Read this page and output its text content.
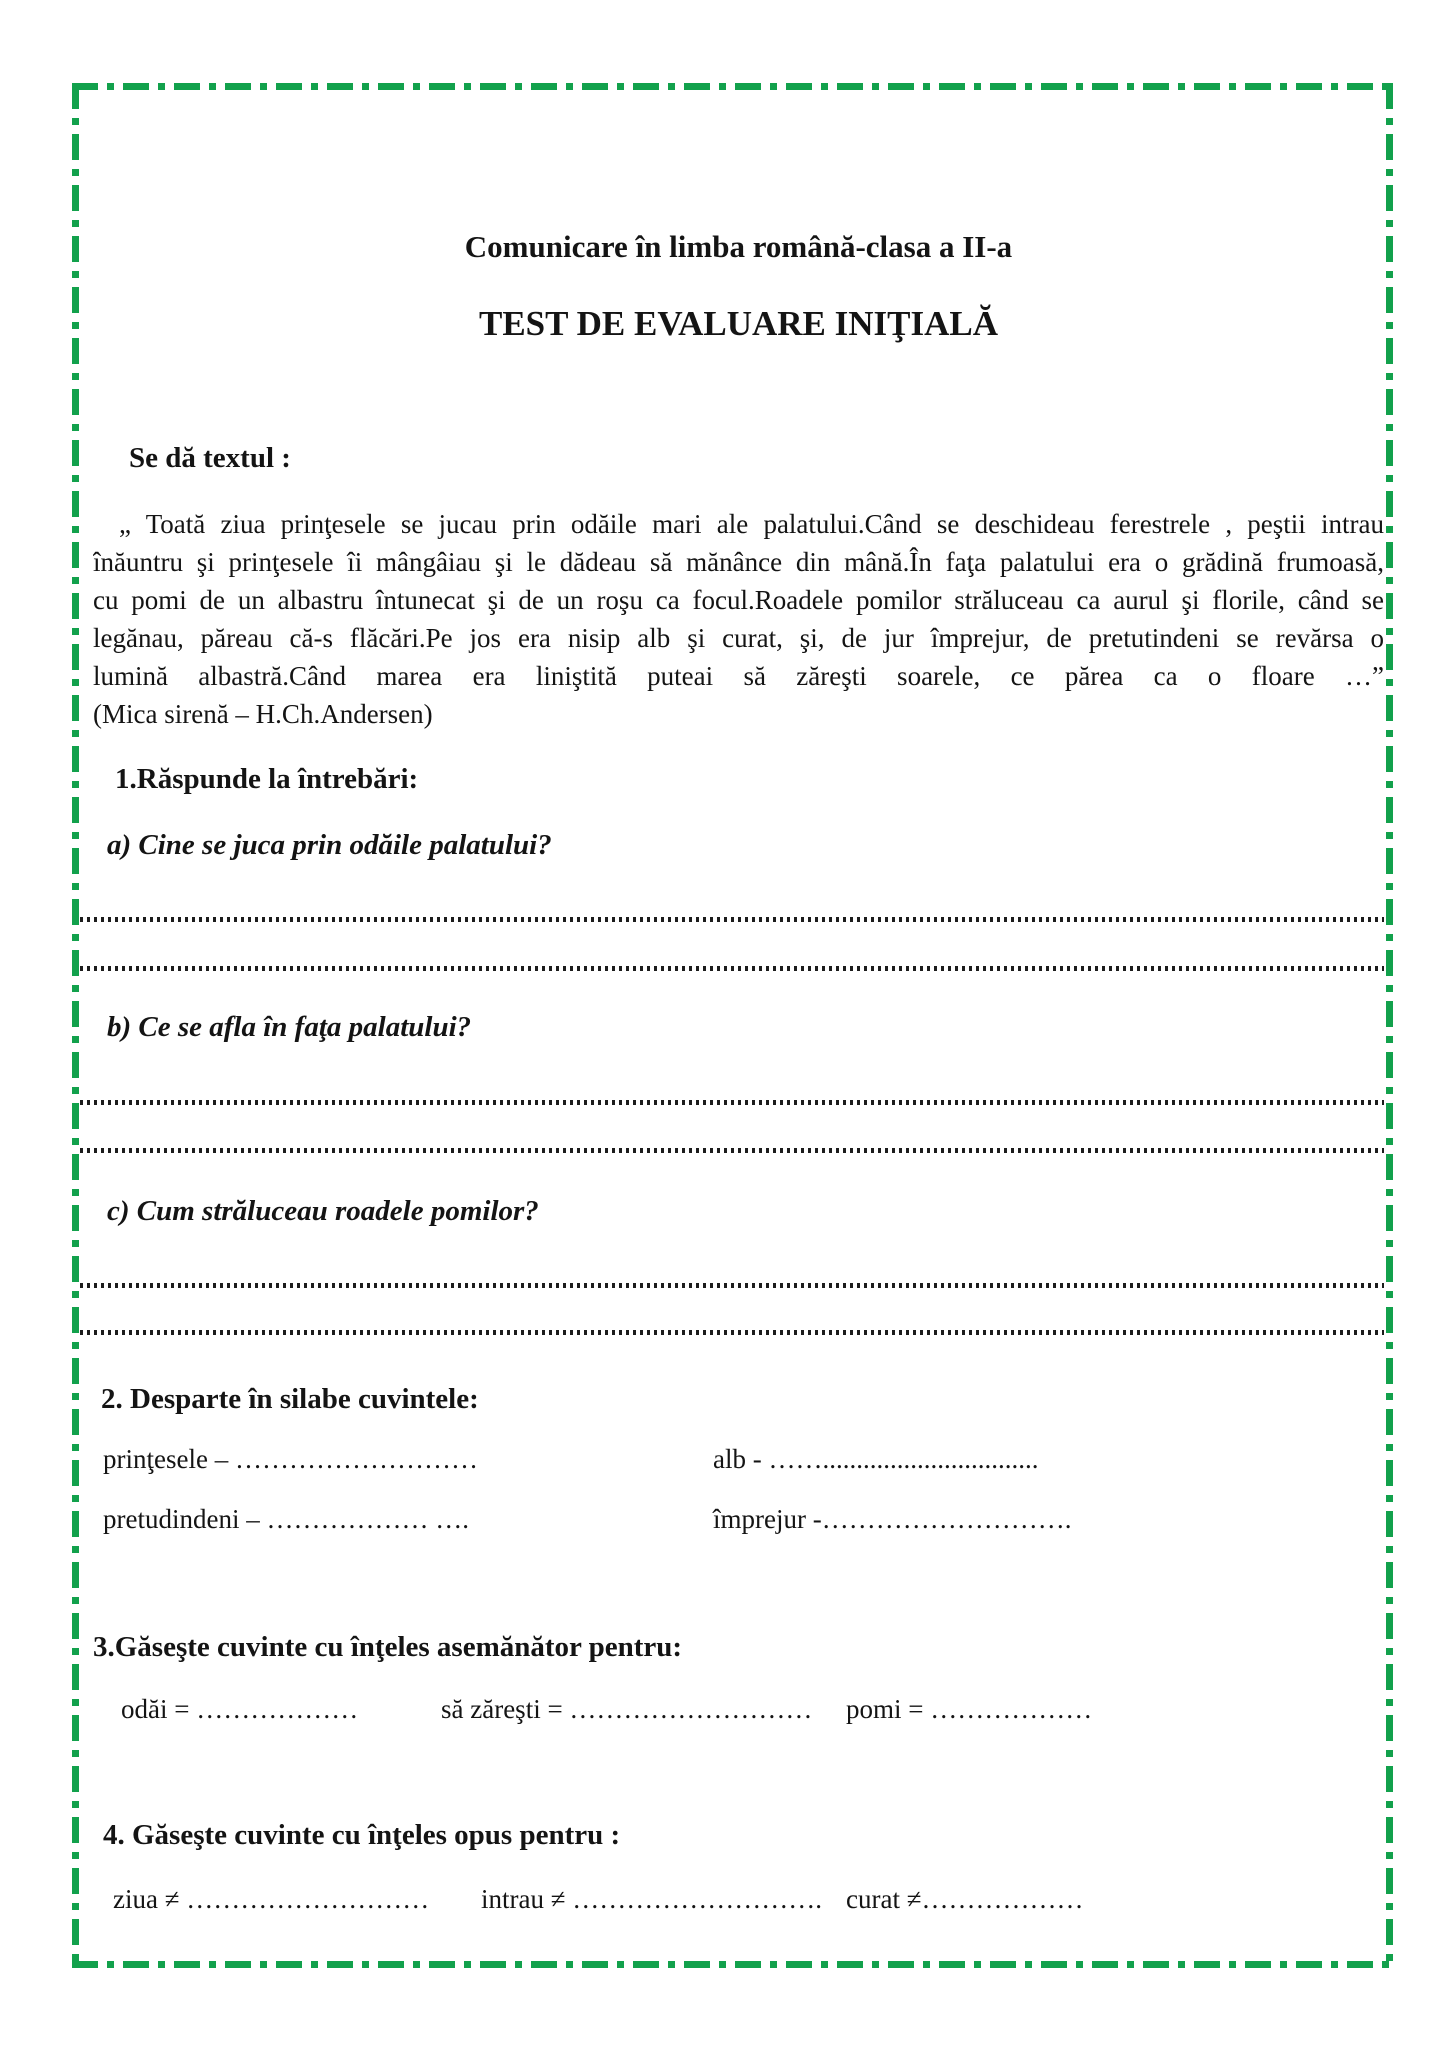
Comunicare în limba română-clasa a II-a
TEST DE EVALUARE INIŢIALĂ

Se dă textul :

„ Toată ziua prinţesele se jucau prin odăile mari ale palatului.Când se deschideau ferestrele , peştii intrau
înăuntru şi prinţesele îi mângâiau şi le dădeau să mănânce din mână.În faţa palatului era o grădină frumoasă,
cu pomi de un albastru întunecat şi de un roşu ca focul.Roadele pomilor străluceau ca aurul şi florile, când se
legănau, păreau că-s flăcări.Pe jos era nisip alb şi curat, şi, de jur împrejur, de pretutindeni se revărsa o
lumină albastră.Când marea era liniştită puteai să zăreşti soarele, ce părea ca o floare …”

(Mica sirenă – H.Ch.Andersen)

1.Răspunde la întrebări:

a) Cine se juca prin odăile palatului?

b) Ce se afla în faţa palatului?

c) Cum străluceau roadele pomilor?

2. Desparte în silabe cuvintele:

prinţesele – ………………………	alb - ……................................
pretudindeni – ……………… ….	împrejur -……………………….

3.Găseşte cuvinte cu înţeles asemănător pentru:

odăi = ………………	să zăreşti = ………………………	pomi = ………………

4. Găseşte cuvinte cu înţeles opus pentru :

ziua ≠ ………………………	intrau ≠ ………………………. curat ≠………………
